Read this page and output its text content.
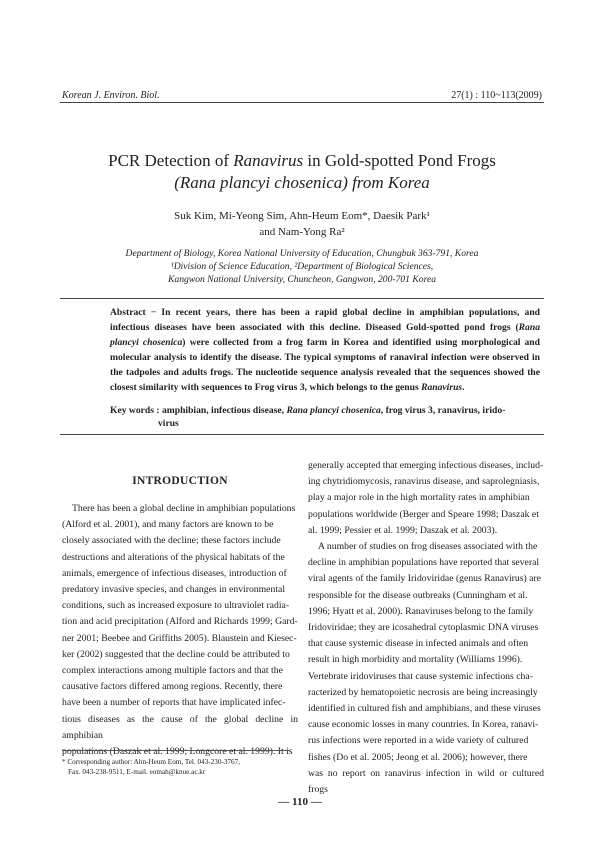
Korean J. Environ. Biol.	27(1) : 110~113(2009)
PCR Detection of Ranavirus in Gold-spotted Pond Frogs
(Rana plancyi chosenica) from Korea
Suk Kim, Mi-Yeong Sim, Ahn-Heum Eom*, Daesik Park¹
and Nam-Yong Ra²
Department of Biology, Korea National University of Education, Chungbuk 363-791, Korea
¹Division of Science Education, ²Department of Biological Sciences,
Kangwon National University, Chuncheon, Gangwon, 200-701 Korea
Abstract − In recent years, there has been a rapid global decline in amphibian populations, and infectious diseases have been associated with this decline. Diseased Gold-spotted pond frogs (Rana plancyi chosenica) were collected from a frog farm in Korea and identified using morphological and molecular analysis to identify the disease. The typical symptoms of ranaviral infection were observed in the tadpoles and adults frogs. The nucleotide sequence analysis revealed that the sequences showed the closest similarity with sequences to Frog virus 3, which belongs to the genus Ranavirus.
Key words : amphibian, infectious disease, Rana plancyi chosenica, frog virus 3, ranavirus, irido-
virus
INTRODUCTION

There has been a global decline in amphibian populations

(Alford et al. 2001), and many factors are known to be

closely associated with the decline; these factors include

destructions and alterations of the physical habitats of the

animals, emergence of infectious diseases, introduction of

predatory invasive species, and changes in environmental

conditions, such as increased exposure to ultraviolet radia-

tion and acid precipitation (Alford and Richards 1999; Gard-

ner 2001; Beebee and Griffiths 2005). Blaustein and Kiesec-

ker (2002) suggested that the decline could be attributed to

complex interactions among multiple factors and that the

causative factors differed among regions. Recently, there

have been a number of reports that have implicated infec-

tious diseases as the cause of the global decline in amphibian

populations (Daszak et al. 1999; Longcore et al. 1999). It is

* Corresponding author: Ahn-Heum Eom, Tel. 043-230-3767,
Fax. 043-238-9511, E-mail. eomah@knue.ac.kr

generally accepted that emerging infectious diseases, includ-

ing chytridiomycosis, ranavirus disease, and saprolegniasis,

play a major role in the high mortality rates in amphibian

populations worldwide (Berger and Speare 1998; Daszak et

al. 1999; Pessier et al. 1999; Daszak et al. 2003).

A number of studies on frog diseases associated with the

decline in amphibian populations have reported that several

viral agents of the family Iridoviridae (genus Ranavirus) are

responsible for the disease outbreaks (Cunningham et al.

1996; Hyatt et al. 2000). Ranaviruses belong to the family

Iridoviridae; they are icosahedral cytoplasmic DNA viruses

that cause systemic disease in infected animals and often

result in high morbidity and mortality (Williams 1996).

Vertebrate iridoviruses that cause systemic infections cha-

racterized by hematopoietic necrosis are being increasingly

identified in cultured fish and amphibians, and these viruses

cause economic losses in many countries. In Korea, ranavi-

rus infections were reported in a wide variety of cultured

fishes (Do et al. 2005; Jeong et al. 2006); however, there

was no report on ranavirus infection in wild or cultured frogs

— 110 —
